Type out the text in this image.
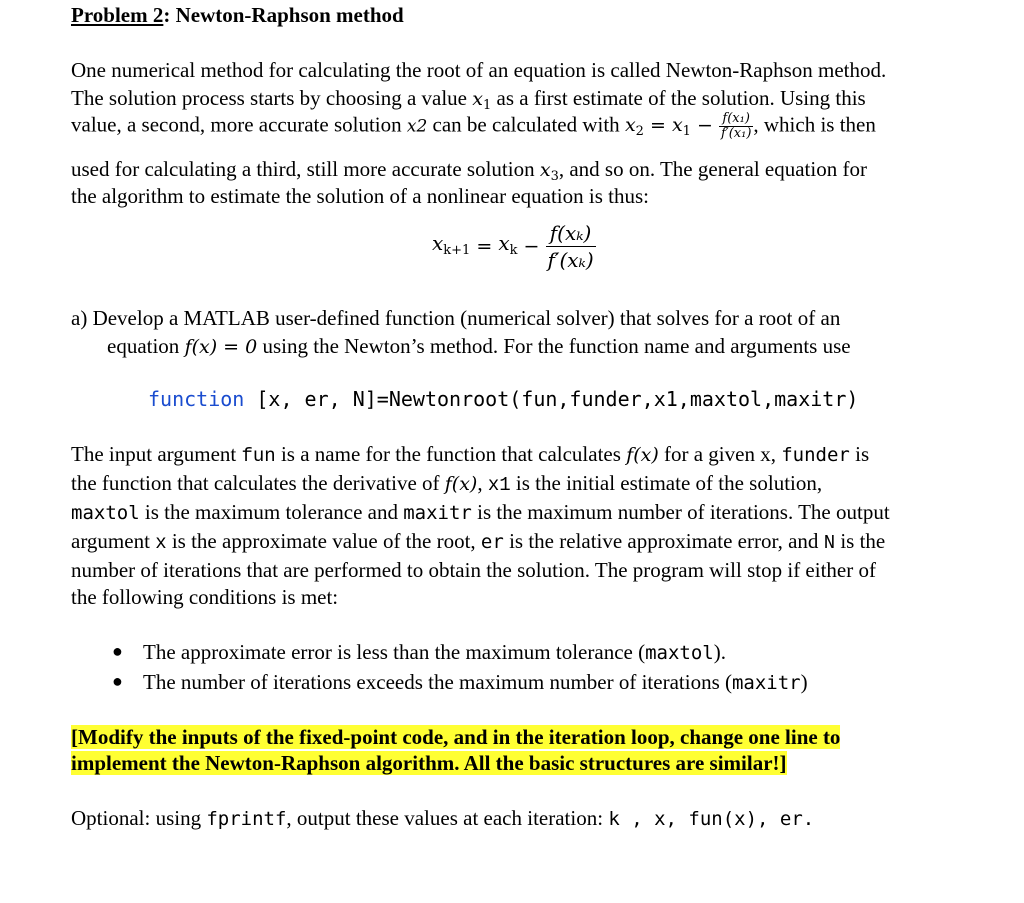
Problem 2: Newton-Raphson method
One numerical method for calculating the root of an equation is called Newton-Raphson method.
The solution process starts by choosing a value $x_1$ as a first estimate of the solution. Using this
value, a second, more accurate solution x2 can be calculated with $x_2 = x_1 - \frac{\text{f(x₁)}}{\text{f′(x₁)}}$ , which is then
used for calculating a third, still more accurate solution $x_3$, and so on. The general equation for
the algorithm to estimate the solution of a nonlinear equation is thus:
$x_{k+1} = x_k - \frac{\text{f(xₖ)}}{\text{f′(xₖ)}}$
a) Develop a MATLAB user-defined function (numerical solver) that solves for a root of an
equation f(x) = 0 using the Newton’s method. For the function name and arguments use
function [x, er, N]=Newtonroot(fun,funder,x1,maxtol,maxitr)
The input argument fun is a name for the function that calculates f(x) for a given x, funder is
the function that calculates the derivative of f(x), x1 is the initial estimate of the solution,
maxtol is the maximum tolerance and maxitr is the maximum number of iterations. The output
argument x is the approximate value of the root, er is the relative approximate error, and N is the
number of iterations that are performed to obtain the solution. The program will stop if either of
the following conditions is met:
● The approximate error is less than the maximum tolerance (maxtol).
● The number of iterations exceeds the maximum number of iterations (maxitr)
[Modify the inputs of the fixed-point code, and in the iteration loop, change one line to
implement the Newton-Raphson algorithm. All the basic structures are similar!]
Optional: using fprintf, output these values at each iteration: k , x, fun(x), er.
